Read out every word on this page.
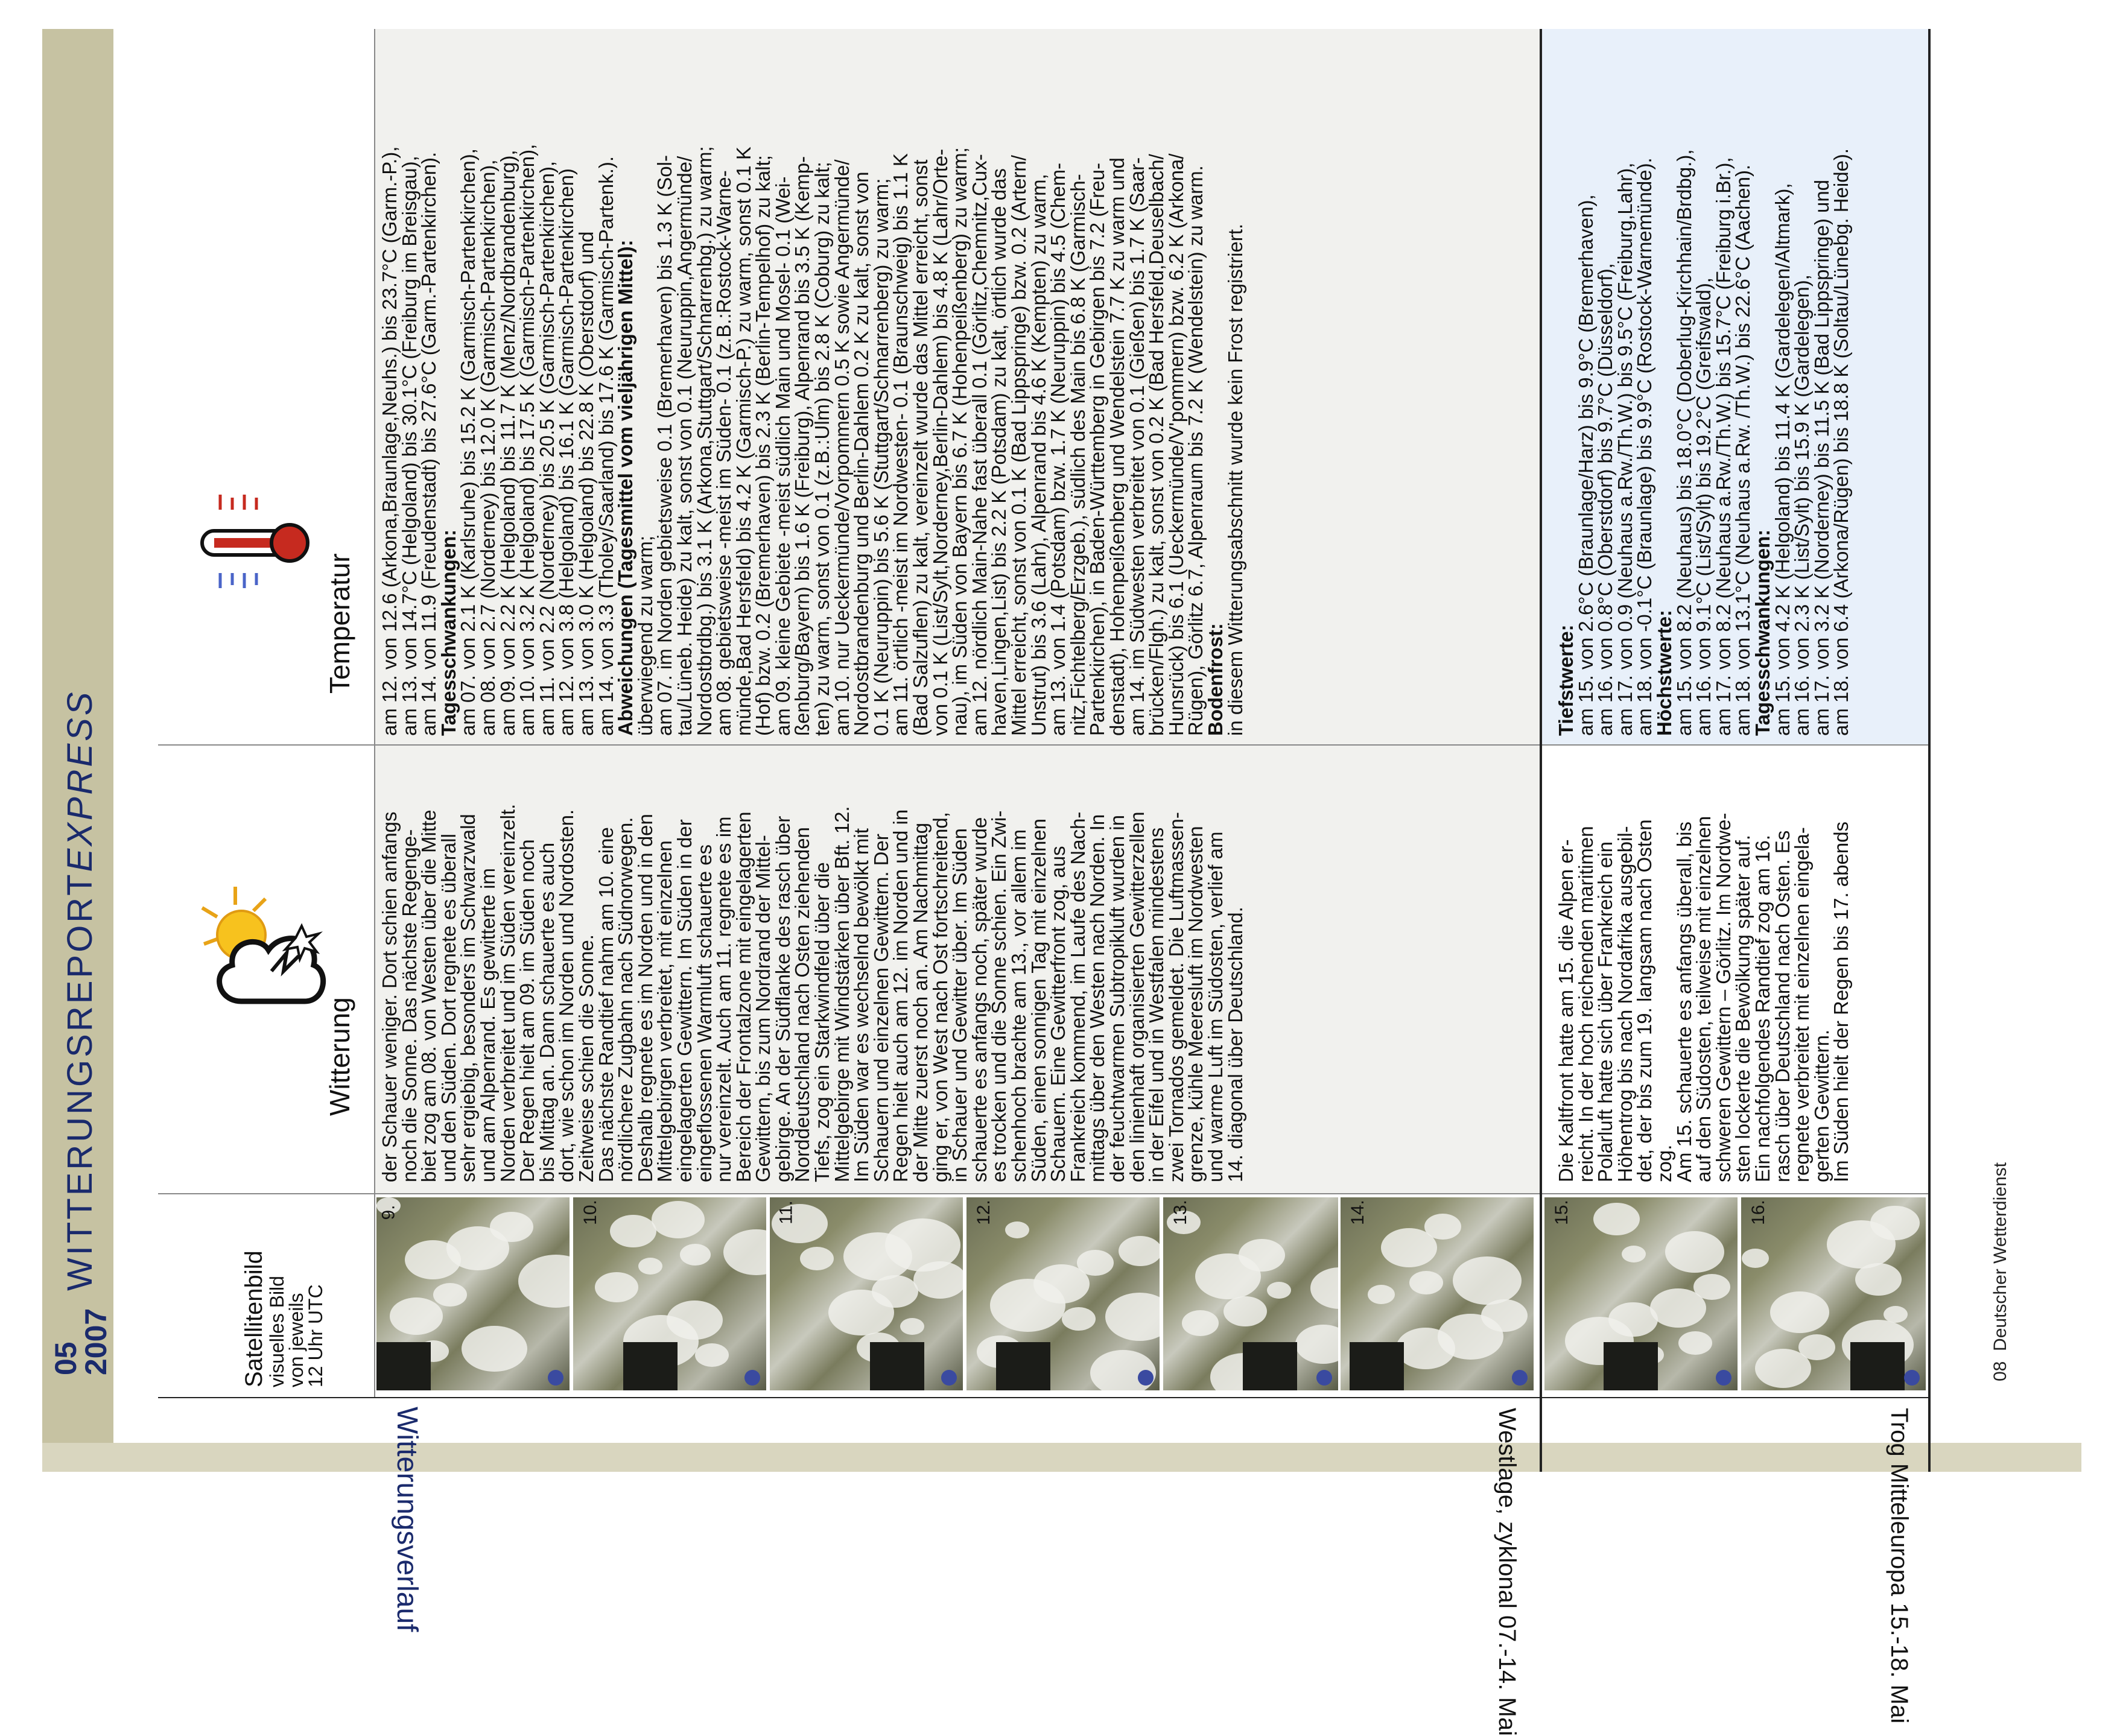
05
2007
WITTERUNGSREPORTEXPRESS
Witterungsverlauf	Westlage, zyklonal 07.-14. Mai	Trog Mitteleuropa 15.-18. Mai
Satellitenbild
visuelles Bild
von jeweils
12 Uhr UTC
Witterung
Temperatur
9.	10.	11.	12.	13.	14.	15.	16.
der Schauer weniger. Dort schien anfangs
noch die Sonne. Das nächste Regenge-
biet zog am 08. von Westen über die Mitte
und den Süden. Dort regnete es überall
sehr ergiebig, besonders im Schwarzwald
und am Alpenrand. Es gewitterte im
Norden verbreitet und im Süden vereinzelt.
Der Regen hielt am 09. im Süden noch
bis Mittag an. Dann schauerte es auch
dort, wie schon im Norden und Nordosten.
Zeitweise schien die Sonne.
Das nächste Randtief nahm am 10. eine
nördlichere Zugbahn nach Südnorwegen.
Deshalb regnete es im Norden und in den
Mittelgebirgen verbreitet, mit einzelnen
eingelagerten Gewittern. Im Süden in der
eingeflossenen Warmluft schauerte es
nur vereinzelt. Auch am 11. regnete es im
Bereich der Frontalzone mit eingelagerten
Gewittern, bis zum Nordrand der Mittel-
gebirge. An der Südflanke des rasch über
Norddeutschland nach Osten ziehenden
Tiefs, zog ein Starkwindfeld über die
Mittelgebirge mit Windstärken über Bft. 12.
Im Süden war es wechselnd bewölkt mit
Schauern und einzelnen Gewittern. Der
Regen hielt auch am 12. im Norden und in
der Mitte zuerst noch an. Am Nachmittag
ging er, von West nach Ost fortschreitend,
in Schauer und Gewitter über. Im Süden
schauerte es anfangs noch, später wurde
es trocken und die Sonne schien. Ein Zwi-
schenhoch brachte am 13., vor allem im
Süden, einen sonnigen Tag mit einzelnen
Schauern. Eine Gewitterfront zog, aus
Frankreich kommend, im Laufe des Nach-
mittags über den Westen nach Norden. In
der feuchtwarmen Subtropikluft wurden in
den linienhaft organisierten Gewitterzellen
in der Eifel und in Westfalen mindestens
zwei Tornados gemeldet. Die Luftmassen-
grenze, kühle Meeresluft im Nordwesten
und warme Luft im Südosten, verlief am
14. diagonal über Deutschland.
am 12. von 12.6 (Arkona,Braunlage,Neuhs.) bis 23.7°C (Garm.-P.),
am 13. von 14.7°C (Helgoland) bis 30.1°C (Freiburg im Breisgau),
am 14. von 11.9 (Freudenstadt) bis 27.6°C (Garm.-Partenkirchen).
Tagesschwankungen:
am 07. von 2.1 K (Karlsruhe) bis 15.2 K (Garmisch-Partenkirchen),
am 08. von 2.7 (Norderney) bis 12.0 K (Garmisch-Partenkirchen),
am 09. von 2.2 K (Helgoland) bis 11.7 K (Menz/Nordbrandenburg),
am 10. von 3.2 K (Helgoland) bis 17.5 K (Garmisch-Partenkirchen),
am 11. von 2.2 (Norderney) bis 20.5 K (Garmisch-Partenkirchen),
am 12. von 3.8 (Helgoland) bis 16.1 K (Garmisch-Partenkirchen)
am 13. von 3.0 K (Helgoland) bis 22.8 K (Oberstdorf) und
am 14. von 3.3 (Tholey/Saarland) bis 17.6 K (Garmisch-Partenk.).
Abweichungen (Tagesmittel vom vieljährigen Mittel):
überwiegend zu warm;
am 07. im Norden gebietsweise 0.1 (Bremerhaven) bis 1.3 K (Sol-
tau/Lüneb. Heide) zu kalt, sonst von 0.1 (Neuruppin,Angermünde/
Nordostbrdbg.) bis 3.1 K (Arkona,Stuttgart/Schnarrenbg.) zu warm;
am 08. gebietsweise -meist im Süden- 0.1 (z.B.:Rostock-Warne-
münde,Bad Hersfeld) bis 4.2 K (Garmisch-P.) zu warm, sonst 0.1 K
(Hof) bzw. 0.2 (Bremerhaven) bis 2.3 K (Berlin-Tempelhof) zu kalt;
am 09. kleine Gebiete -meist südlich Main und Mosel- 0.1 (Wei-
ßenburg/Bayern) bis 1.6 K (Freiburg), Alpenrand bis 3.5 K (Kemp-
ten) zu warm, sonst von 0.1 (z.B.:Ulm) bis 2.8 K (Coburg) zu kalt;
am 10. nur Ueckermünde/Vorpommern 0.5 K sowie Angermünde/
Nordostbrandenburg und Berlin-Dahlem 0.2 K zu kalt, sonst von
0.1 K (Neuruppin) bis 5.6 K (Stuttgart/Schnarrenberg) zu warm;
am 11. örtlich -meist im Nordwesten- 0.1 (Braunschweig) bis 1.1 K
(Bad Salzuflen) zu kalt, vereinzelt wurde das Mittel erreicht, sonst
von 0.1 K (List/Sylt,Norderney,Berlin-Dahlem) bis 4.8 K (Lahr/Orte-
nau), im Süden von Bayern bis 6.7 K (Hohenpeißenberg) zu warm;
am 12. nördlich Main-Nahe fast überall 0.1 (Görlitz,Chemnitz,Cux-
haven,Lingen,List) bis 2.2 K (Potsdam) zu kalt, örtlich wurde das
Mittel erreicht, sonst von 0.1 K (Bad Lippspringe) bzw. 0.2 (Artern/
Unstrut) bis 3.6 (Lahr), Alpenrand bis 4.6 K (Kempten) zu warm,
am 13. von 1.4 (Potsdam) bzw. 1.7 K (Neuruppin) bis 4.5 (Chem-
nitz,Fichtelberg/Erzgeb.), südlich des Main bis 6.8 K (Garmisch-
Partenkirchen), in Baden-Württemberg in Gebirgen bis 7.2 (Freu-
denstadt), Hohenpeißenberg und Wendelstein 7.7 K zu warm und
am 14. im Südwesten verbreitet von 0.1 (Gießen) bis 1.7 K (Saar-
brücken/Flgh.) zu kalt, sonst von 0.2 K (Bad Hersfeld,Deuselbach/
Hunsrück) bis 6.1 (Ueckermünde/V'pommern) bzw. 6.2 K (Arkona/
Rügen), Görlitz 6.7, Alpenraum bis 7.2 K (Wendelstein) zu warm.
Bodenfrost:
in diesem Witterungsabschnitt wurde kein Frost registriert.
Die Kaltfront hatte am 15. die Alpen er-
reicht. In der hoch reichenden maritimen
Polarluft hatte sich über Frankreich ein
Höhentrog bis nach Nordafrika ausgebil-
det, der bis zum 19. langsam nach Osten
zog.
Am 15. schauerte es anfangs überall, bis
auf den Südosten, teilweise mit einzelnen
schweren Gewittern – Görlitz. Im Nordwe-
sten lockerte die Bewölkung später auf.
Ein nachfolgendes Randtief zog am 16.
rasch über Deutschland nach Osten. Es
regnete verbreitet mit einzelnen eingela-
gerten Gewittern.
Im Süden hielt der Regen bis 17. abends
Tiefstwerte:
am 15. von 2.6°C (Braunlage/Harz) bis 9.9°C (Bremerhaven),
am 16. von 0.8°C (Oberstdorf) bis 9.7°C (Düsseldorf),
am 17. von 0.9 (Neuhaus a.Rw./Th.W.) bis 9.5°C (Freiburg,Lahr),
am 18. von -0.1°C (Braunlage) bis 9.9°C (Rostock-Warnemünde).
Höchstwerte:
am 15. von 8.2 (Neuhaus) bis 18.0°C (Doberlug-Kirchhain/Brdbg.),
am 16. von 9.1°C (List/Sylt) bis 19.2°C (Greifswald),
am 17. von 8.2 (Neuhaus a.Rw./Th.W.) bis 15.7°C (Freiburg i.Br.),
am 18. von 13.1°C (Neuhaus a.Rw. /Th.W.) bis 22.6°C (Aachen).
Tagesschwankungen:
am 15. von 4.2 K (Helgoland) bis 11.4 K (Gardelegen/Altmark),
am 16. von 2.3 K (List/Sylt) bis 15.9 K (Gardelegen),
am 17. von 3.2 K (Norderney) bis 11.5 K (Bad Lippspringe) und
am 18. von 6.4 (Arkona/Rügen) bis 18.8 K (Soltau/Lünebg. Heide).
08  Deutscher Wetterdienst
